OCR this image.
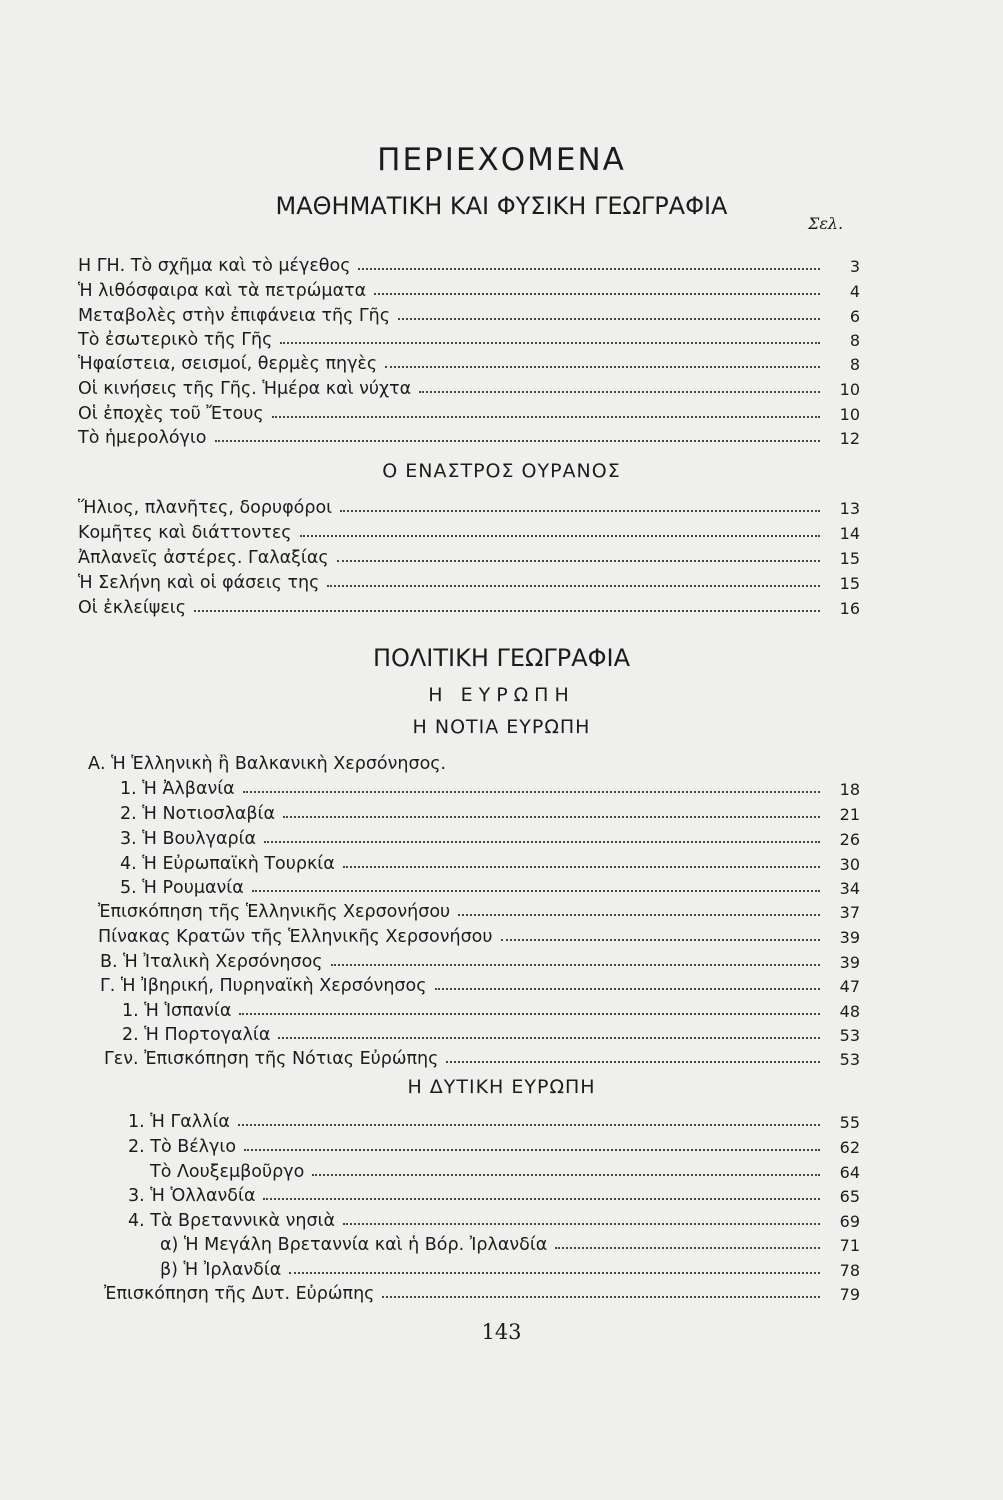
ΠΕΡΙΕΧΟΜΕΝΑ
ΜΑΘΗΜΑΤΙΚΗ ΚΑΙ ΦΥΣΙΚΗ ΓΕΩΓΡΑΦΙΑ
Σελ.
Η ΓΗ. Τὸ σχῆμα καὶ τὸ μέγεθος	3
Ἡ λιθόσφαιρα καὶ τὰ πετρώματα	4
Μεταβολὲς στὴν ἐπιφάνεια τῆς Γῆς	6
Τὸ ἐσωτερικὸ τῆς Γῆς	8
Ἡφαίστεια, σεισμοί, θερμὲς πηγὲς	8
Οἱ κινήσεις τῆς Γῆς. Ἡμέρα καὶ νύχτα	10
Οἱ ἐποχὲς τοῦ Ἔτους	10
Τὸ ἡμερολόγιο	12
Ο ΕΝΑΣΤΡΟΣ ΟΥΡΑΝΟΣ
Ἥλιος, πλανῆτες, δορυφόροι	13
Κομῆτες καὶ διάττοντες	14
Ἀπλανεῖς ἀστέρες. Γαλαξίας	15
Ἡ Σελήνη καὶ οἱ φάσεις της	15
Οἱ ἐκλείψεις	16
ΠΟΛΙΤΙΚΗ ΓΕΩΓΡΑΦΙΑ
Η ΕΥΡΩΠΗ
Η ΝΟΤΙΑ ΕΥΡΩΠΗ
Α. Ἡ Ἑλληνικὴ ἢ Βαλκανικὴ Χερσόνησος.
1. Ἡ Ἀλβανία	18
2. Ἡ Νοτιοσλαβία	21
3. Ἡ Βουλγαρία	26
4. Ἡ Εὐρωπαϊκὴ Τουρκία	30
5. Ἡ Ρουμανία	34
Ἐπισκόπηση τῆς Ἑλληνικῆς Χερσονήσου	37
Πίνακας Κρατῶν τῆς Ἑλληνικῆς Χερσονήσου	39
Β. Ἡ Ἰταλικὴ Χερσόνησος	39
Γ. Ἡ Ἰβηρική, Πυρηναϊκὴ Χερσόνησος	47
1. Ἡ Ἱσπανία	48
2. Ἡ Πορτογαλία	53
Γεν. Ἐπισκόπηση τῆς Νότιας Εὐρώπης	53
Η ΔΥΤΙΚΗ ΕΥΡΩΠΗ
1. Ἡ Γαλλία	55
2. Τὸ Βέλγιο	62
Τὸ Λουξεμβοῦργο	64
3. Ἡ Ὁλλανδία	65
4. Τὰ Βρεταννικὰ νησιὰ	69
α) Ἡ Μεγάλη Βρεταννία καὶ ἡ Βόρ. Ἰρλανδία	71
β) Ἡ Ἰρλανδία	78
Ἐπισκόπηση τῆς Δυτ. Εὐρώπης	79
143
